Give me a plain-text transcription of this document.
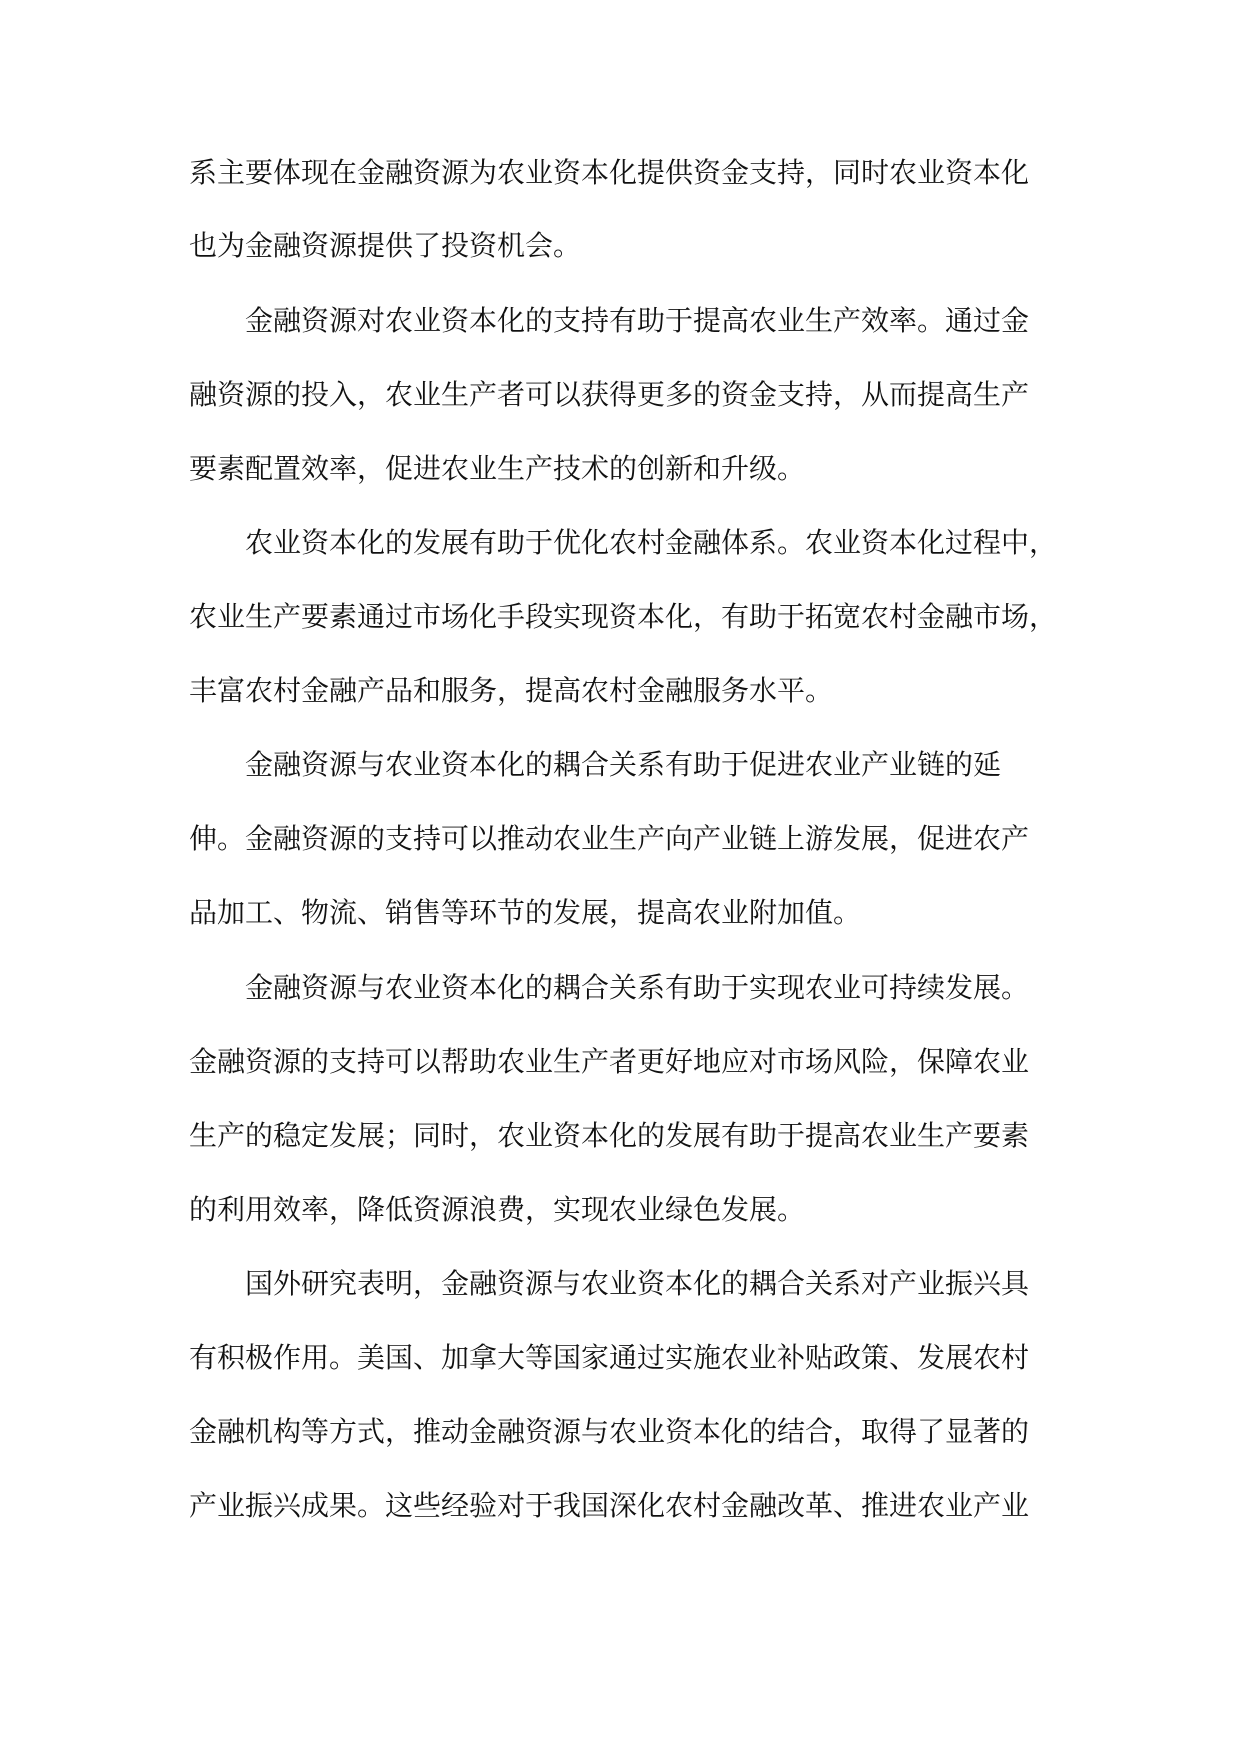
系主要体现在金融资源为农业资本化提供资金支持，同时农业资本化
也为金融资源提供了投资机会。
金融资源对农业资本化的支持有助于提高农业生产效率。通过金
融资源的投入，农业生产者可以获得更多的资金支持，从而提高生产
要素配置效率，促进农业生产技术的创新和升级。
农业资本化的发展有助于优化农村金融体系。农业资本化过程中，
农业生产要素通过市场化手段实现资本化，有助于拓宽农村金融市场，
丰富农村金融产品和服务，提高农村金融服务水平。
金融资源与农业资本化的耦合关系有助于促进农业产业链的延
伸。金融资源的支持可以推动农业生产向产业链上游发展，促进农产
品加工、物流、销售等环节的发展，提高农业附加值。
金融资源与农业资本化的耦合关系有助于实现农业可持续发展。
金融资源的支持可以帮助农业生产者更好地应对市场风险，保障农业
生产的稳定发展；同时，农业资本化的发展有助于提高农业生产要素
的利用效率，降低资源浪费，实现农业绿色发展。
国外研究表明，金融资源与农业资本化的耦合关系对产业振兴具
有积极作用。美国、加拿大等国家通过实施农业补贴政策、发展农村
金融机构等方式，推动金融资源与农业资本化的结合，取得了显著的
产业振兴成果。这些经验对于我国深化农村金融改革、推进农业产业
